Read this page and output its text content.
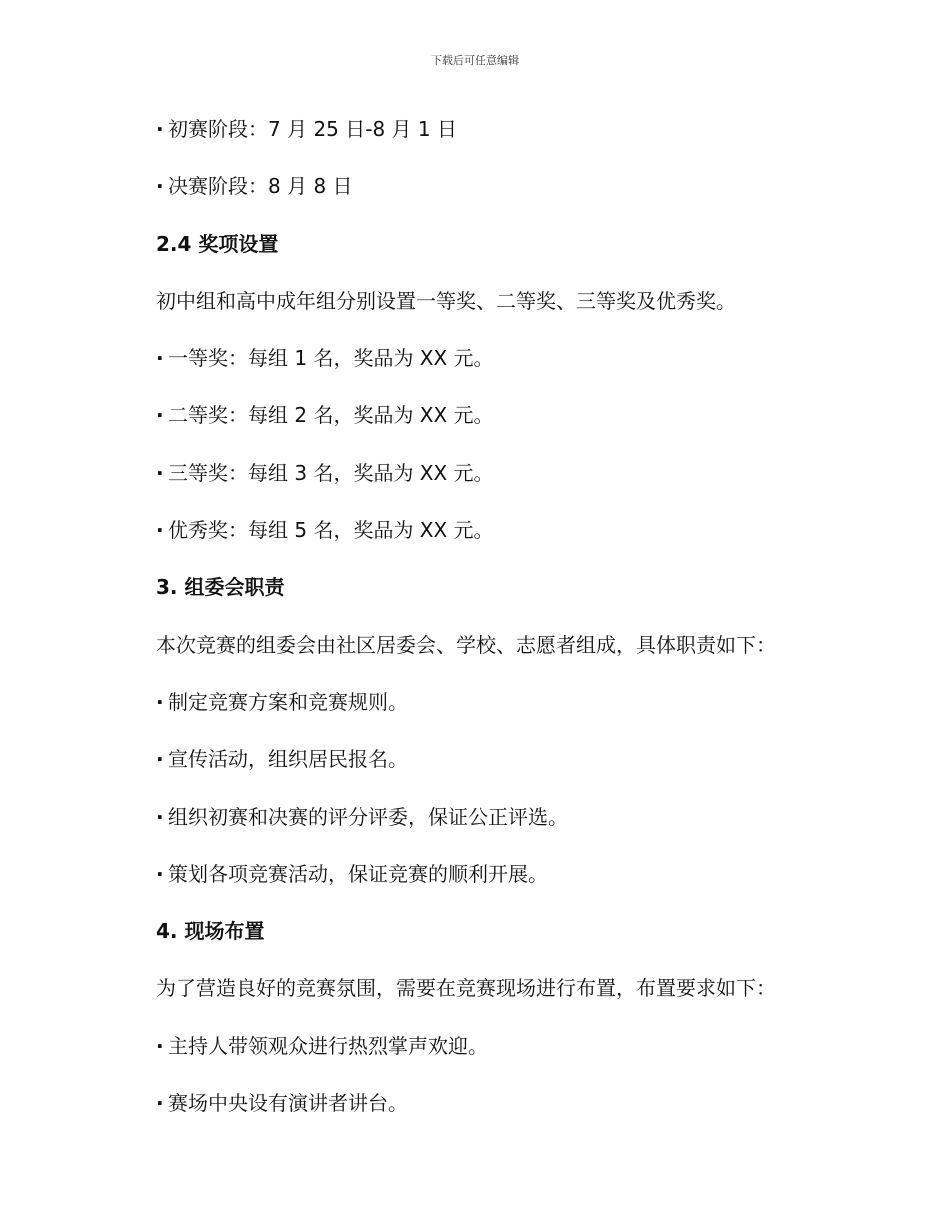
下载后可任意编辑
· 初赛阶段：7 月 25 日-8 月 1 日
· 决赛阶段：8 月 8 日
2.4 奖项设置
初中组和高中成年组分别设置一等奖、二等奖、三等奖及优秀奖。
· 一等奖：每组 1 名，奖品为 XX 元。
· 二等奖：每组 2 名，奖品为 XX 元。
· 三等奖：每组 3 名，奖品为 XX 元。
· 优秀奖：每组 5 名，奖品为 XX 元。
3. 组委会职责
本次竞赛的组委会由社区居委会、学校、志愿者组成，具体职责如下：
· 制定竞赛方案和竞赛规则。
· 宣传活动，组织居民报名。
· 组织初赛和决赛的评分评委，保证公正评选。
· 策划各项竞赛活动，保证竞赛的顺利开展。
4. 现场布置
为了营造良好的竞赛氛围，需要在竞赛现场进行布置，布置要求如下：
· 主持人带领观众进行热烈掌声欢迎。
· 赛场中央设有演讲者讲台。
